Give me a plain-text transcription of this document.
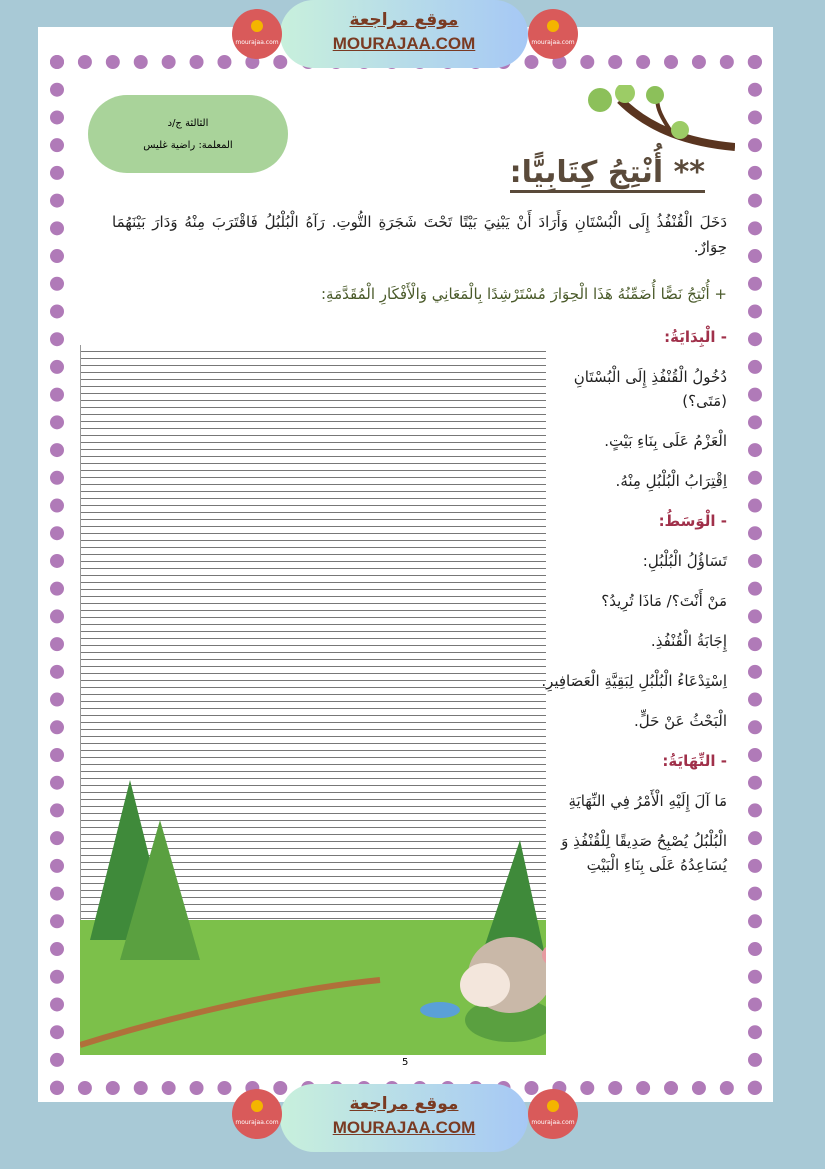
موقع مراجعة
MOURAJAA.COM
mourajaa.com	mourajaa.com
موقع مراجعة
MOURAJAA.COM
mourajaa.com	mourajaa.com
الثالثة ج/د
المعلمة: راضية غليس
** أُنْتِجُ كِتَابِيًّا:
دَخَلَ الْقُنْفُذُ إِلَى الْبُسْتَانِ وَأَرَادَ أَنْ يَبْنِيَ بَيْتًا تَحْتَ شَجَرَةِ التُّوتِ. رَآهُ الْبُلْبُلُ فَاقْتَرَبَ مِنْهُ وَدَارَ بَيْنَهُمَا حِوَارٌ.
+ أُنْتِجُ نَصًّا أُضَمِّنُهُ هَذَا الْحِوَارَ مُسْتَرْشِدًا بِالْمَعَانِي وَالْأَفْكَارِ الْمُقَدَّمَةِ:
- الْبِدَايَةُ:
دُخُولُ الْقُنْفُذِ إِلَى الْبُسْتَانِ (مَتَى؟)
الْعَزْمُ عَلَى بِنَاءِ بَيْتٍ.
اِقْتِرَابُ الْبُلْبُلِ مِنْهُ.
- الْوَسَطُ:
تَسَاؤُلُ الْبُلْبُلِ:
مَنْ أَنْتَ؟/ مَاذَا تُرِيدُ؟
إِجَابَةُ الْقُنْفُذِ.
اِسْتِدْعَاءُ الْبُلْبُلِ لِبَقِيَّةِ الْعَصَافِيرِ.
الْبَحْثُ عَنْ حَلٍّ.
- النِّهَايَةُ:
مَا آلَ إِلَيْهِ الْأَمْرُ فِي النِّهَايَةِ
الْبُلْبُلُ يُصْبِحُ صَدِيقًا لِلْقُنْفُذِ وَ يُسَاعِدُهُ عَلَى بِنَاءِ الْبَيْتِ
5
